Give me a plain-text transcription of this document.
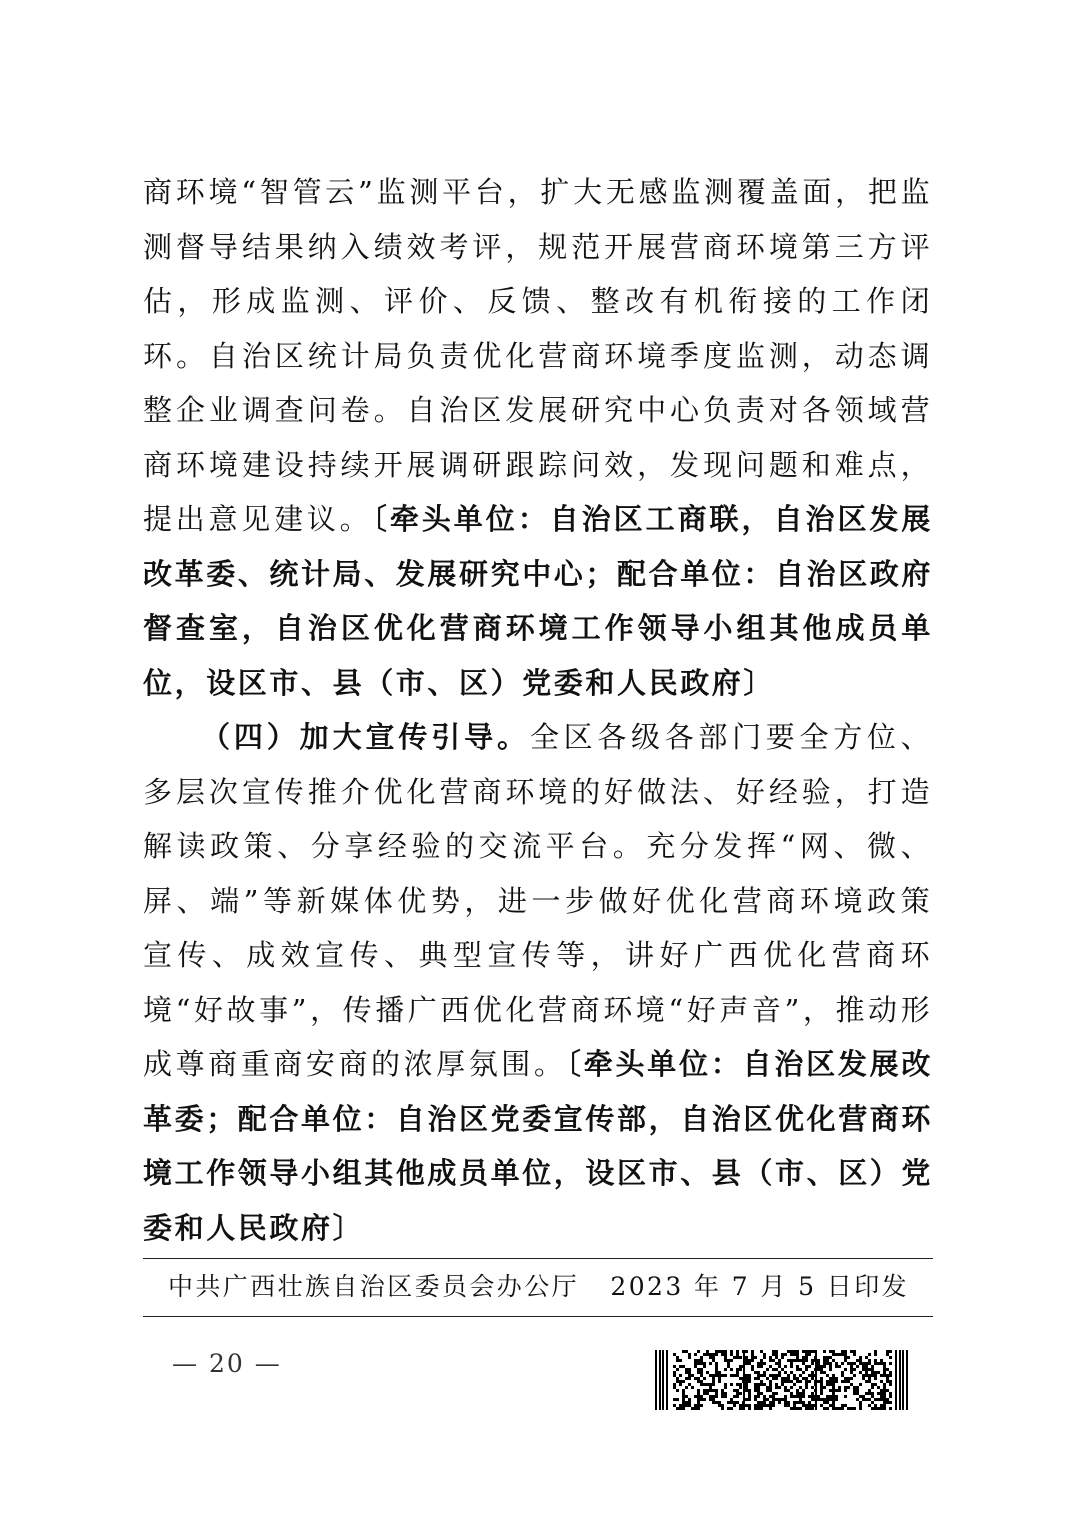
商环境“智管云”监测平台，扩大无感监测覆盖面，把监测督导结果纳入绩效考评，规范开展营商环境第三方评估，形成监测、评价、反馈、整改有机衔接的工作闭环。自治区统计局负责优化营商环境季度监测，动态调整企业调查问卷。自治区发展研究中心负责对各领域营商环境建设持续开展调研跟踪问效，发现问题和难点，提出意见建议。〔牵头单位：自治区工商联，自治区发展改革委、统计局、发展研究中心；配合单位：自治区政府督查室，自治区优化营商环境工作领导小组其他成员单位，设区市、县（市、区）党委和人民政府〕

（四）加大宣传引导。全区各级各部门要全方位、多层次宣传推介优化营商环境的好做法、好经验，打造解读政策、分享经验的交流平台。充分发挥“网、微、屏、端”等新媒体优势，进一步做好优化营商环境政策宣传、成效宣传、典型宣传等，讲好广西优化营商环境“好故事”，传播广西优化营商环境“好声音”，推动形成尊商重商安商的浓厚氛围。〔牵头单位：自治区发展改革委；配合单位：自治区党委宣传部，自治区优化营商环境工作领导小组其他成员单位，设区市、县（市、区）党委和人民政府〕

中共广西壮族自治区委员会办公厅 2023 年 7 月 5 日印发
— 20 —
